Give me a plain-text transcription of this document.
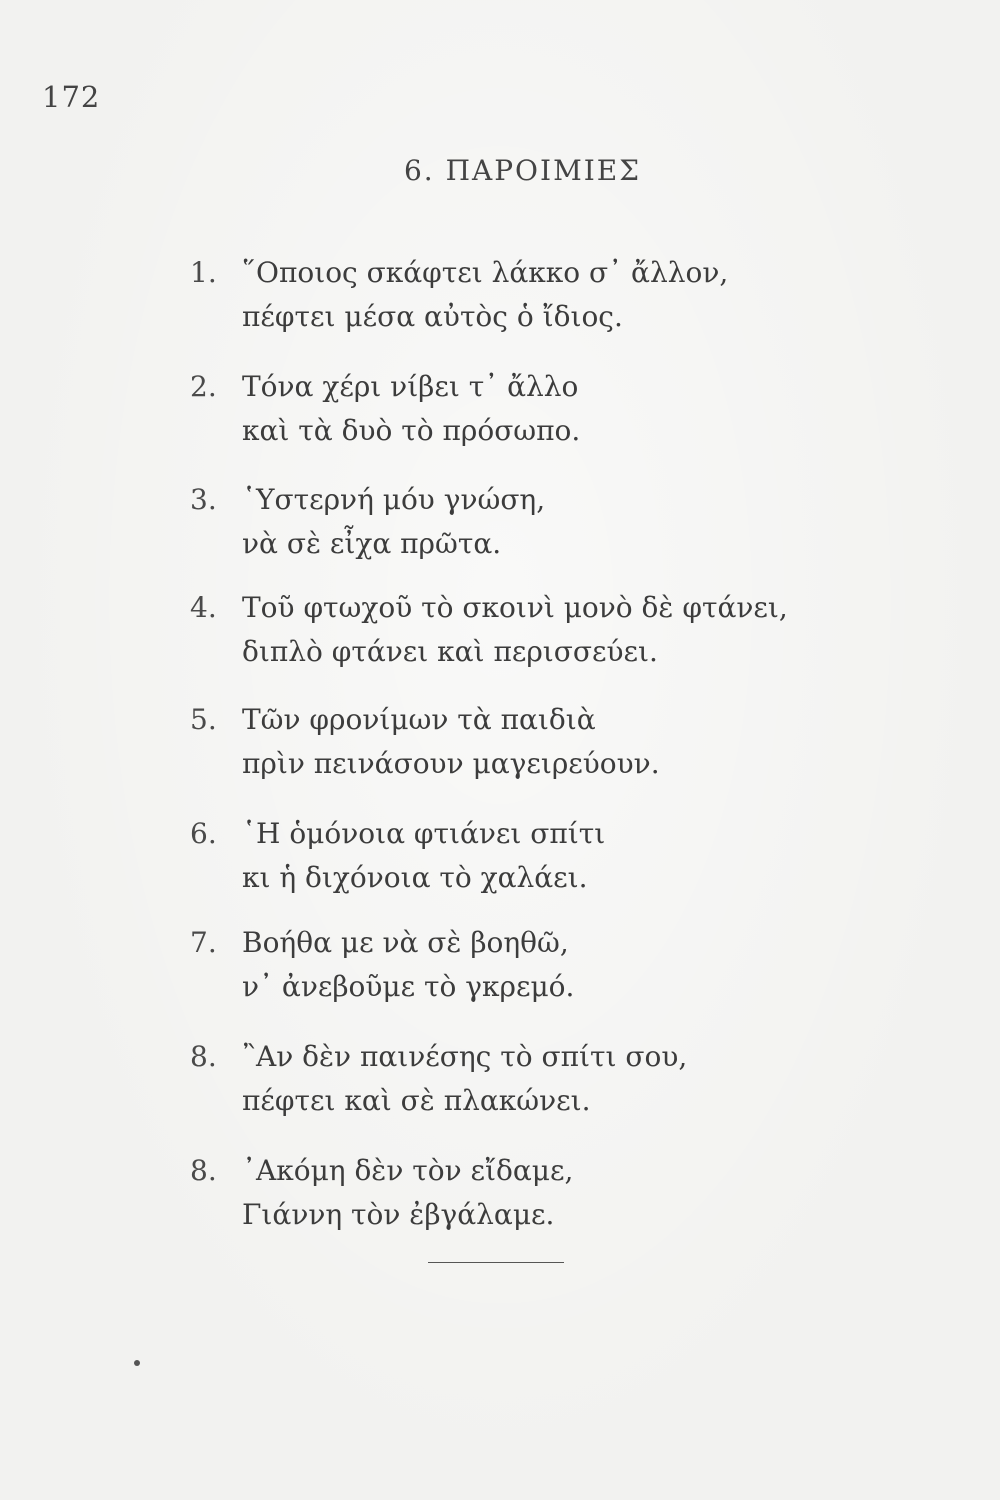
172
6. ΠΑΡΟΙΜΙΕΣ
1. ῞Οποιος σκάφτει λάκκο σ᾽ ἄλλον,
πέφτει μέσα αὐτὸς ὁ ἴδιος.
2. Τόνα χέρι νίβει τ᾽ ἄλλο
καὶ τὰ δυὸ τὸ πρόσωπο.
3. ῾Υστερνή μόυ γνώση,
νὰ σὲ εἶχα πρῶτα.
4. Τοῦ φτωχοῦ τὸ σκοινὶ μονὸ δὲ φτάνει,
διπλὸ φτάνει καὶ περισσεύει.
5. Τῶν φρονίμων τὰ παιδιὰ
πρὶν πεινάσουν μαγειρεύουν.
6. ῾Η ὁμόνοια φτιάνει σπίτι
κι ἡ διχόνοια τὸ χαλάει.
7. Βοήθα με νὰ σὲ βοηθῶ,
ν᾽ ἀνεβοῦμε τὸ γκρεμό.
8. ῍Αν δὲν παινέσης τὸ σπίτι σου,
πέφτει καὶ σὲ πλακώνει.
8. ᾽Ακόμη δὲν τὸν εἴδαμε,
Γιάννη τὸν ἐβγάλαμε.
